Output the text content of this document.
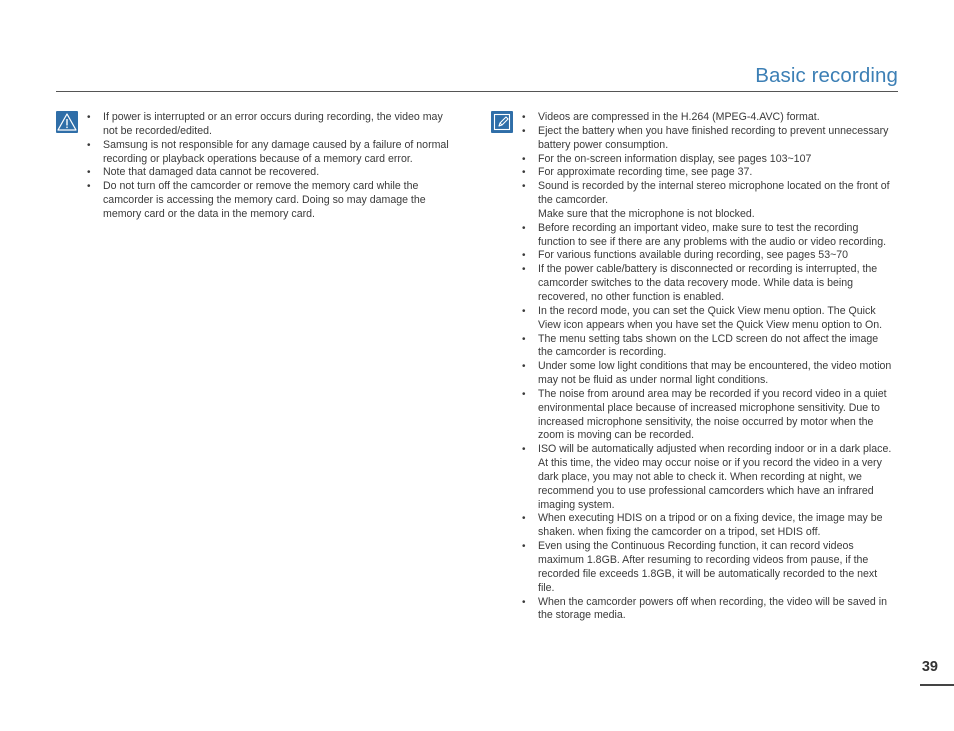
Basic recording
• If power is interrupted or an error occurs during recording, the video may not be recorded/edited.
• Samsung is not responsible for any damage caused by a failure of normal recording or playback operations because of a memory card error.
• Note that damaged data cannot be recovered.
• Do not turn off the camcorder or remove the memory card while the camcorder is accessing the memory card. Doing so may damage the memory card or the data in the memory card.
• Videos are compressed in the H.264 (MPEG-4.AVC) format.
• Eject the battery when you have finished recording to prevent unnecessary battery power consumption.
• For the on-screen information display, see pages 103~107
• For approximate recording time, see page 37.
• Sound is recorded by the internal stereo microphone located on the front of the camcorder.
Make sure that the microphone is not blocked.
• Before recording an important video, make sure to test the recording function to see if there are any problems with the audio or video recording.
• For various functions available during recording, see pages 53~70
• If the power cable/battery is disconnected or recording is interrupted, the camcorder switches to the data recovery mode. While data is being recovered, no other function is enabled.
• In the record mode, you can set the Quick View menu option. The Quick View icon appears when you have set the Quick View menu option to On.
• The menu setting tabs shown on the LCD screen do not affect the image the camcorder is recording.
• Under some low light conditions that may be encountered, the video motion may not be fluid as under normal light conditions.
• The noise from around area may be recorded if you record video in a quiet environmental place because of increased microphone sensitivity. Due to increased microphone sensitivity, the noise occurred by motor when the zoom is moving can be recorded.
• ISO will be automatically adjusted when recording indoor or in a dark place. At this time, the video may occur noise or if you record the video in a very dark place, you may not able to check it. When recording at night, we recommend you to use professional camcorders which have an infrared imaging system.
• When executing HDIS on a tripod or on a fixing device, the image may be shaken. when fixing the camcorder on a tripod, set HDIS off.
• Even using the Continuous Recording function, it can record videos maximum 1.8GB. After resuming to recording videos from pause, if the recorded file exceeds 1.8GB, it will be automatically recorded to the next file.
• When the camcorder powers off when recording, the video will be saved in the storage media.
39
